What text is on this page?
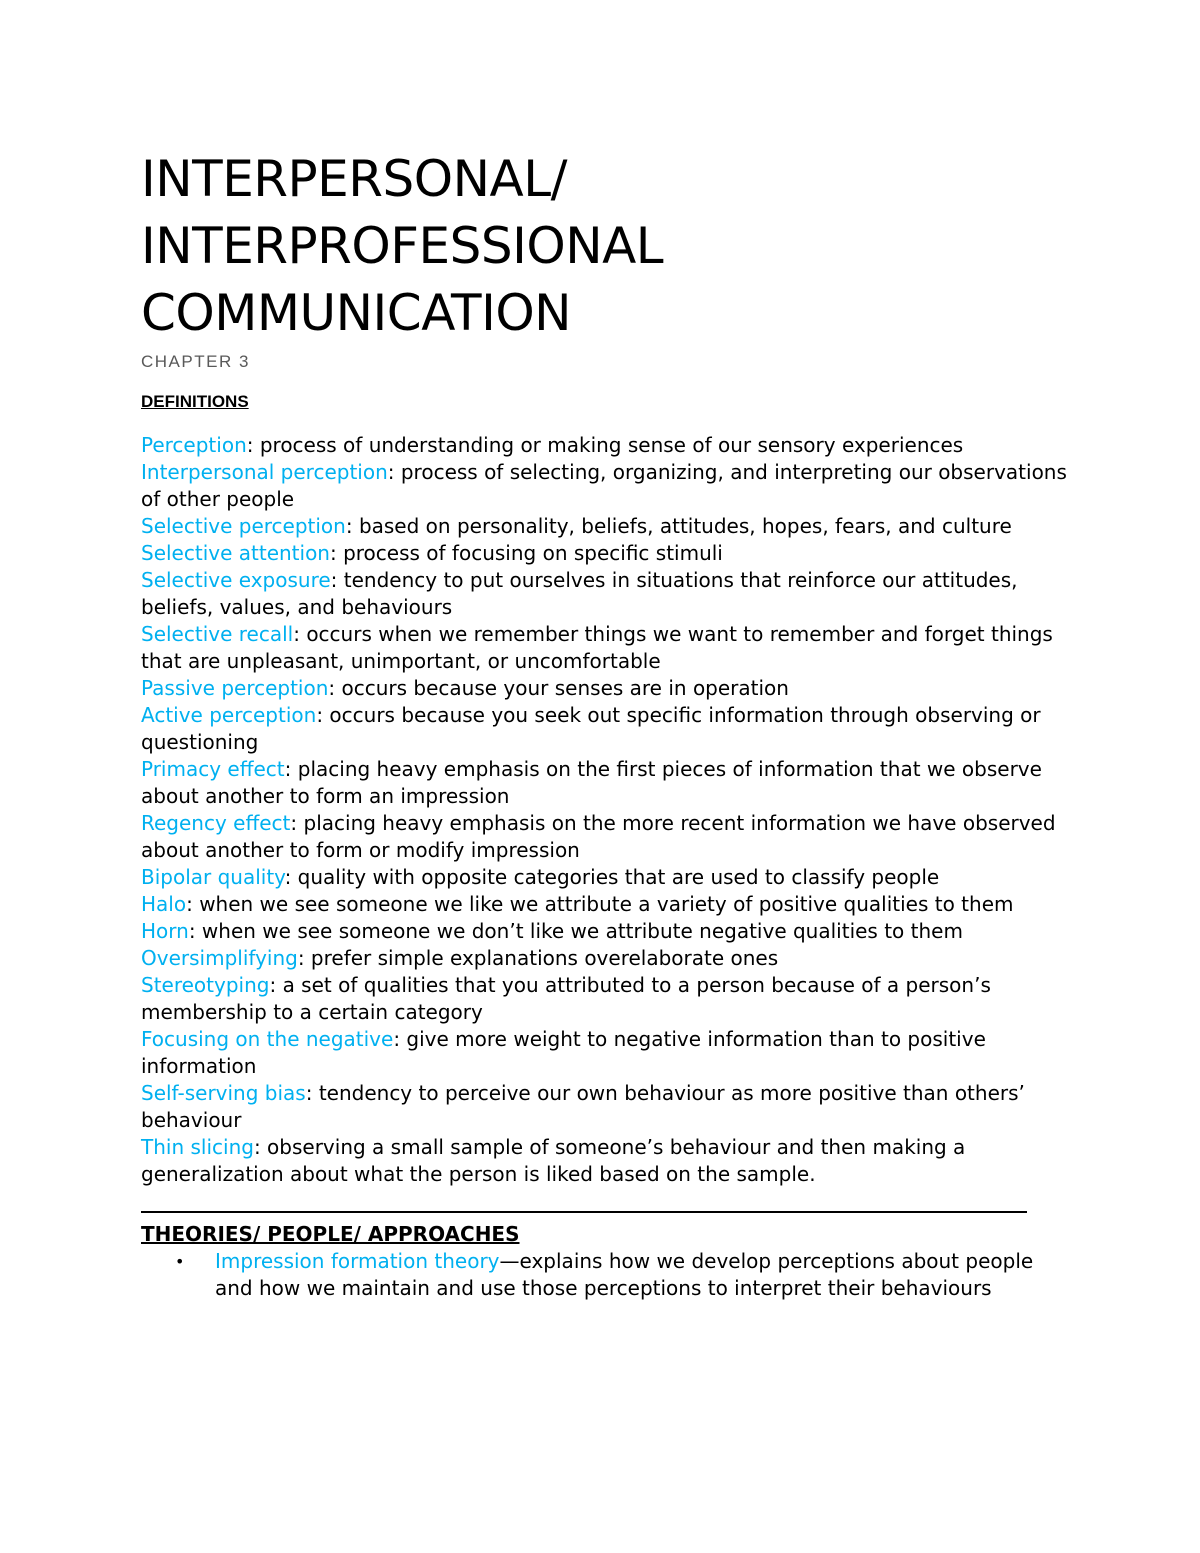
INTERPERSONAL/
INTERPROFESSIONAL
COMMUNICATION
CHAPTER 3
DEFINITIONS
Perception: process of understanding or making sense of our sensory experiences
Interpersonal perception: process of selecting, organizing, and interpreting our observations of other people
Selective perception: based on personality, beliefs, attitudes, hopes, fears, and culture
Selective attention: process of focusing on specific stimuli
Selective exposure: tendency to put ourselves in situations that reinforce our attitudes, beliefs, values, and behaviours
Selective recall: occurs when we remember things we want to remember and forget things that are unpleasant, unimportant, or uncomfortable
Passive perception: occurs because your senses are in operation
Active perception: occurs because you seek out specific information through observing or questioning
Primacy effect: placing heavy emphasis on the first pieces of information that we observe about another to form an impression
Regency effect: placing heavy emphasis on the more recent information we have observed about another to form or modify impression
Bipolar quality: quality with opposite categories that are used to classify people
Halo: when we see someone we like we attribute a variety of positive qualities to them
Horn: when we see someone we don’t like we attribute negative qualities to them
Oversimplifying: prefer simple explanations overelaborate ones
Stereotyping: a set of qualities that you attributed to a person because of a person’s membership to a certain category
Focusing on the negative: give more weight to negative information than to positive information
Self-serving bias: tendency to perceive our own behaviour as more positive than others’ behaviour
Thin slicing: observing a small sample of someone’s behaviour and then making a generalization about what the person is liked based on the sample.
THEORIES/ PEOPLE/ APPROACHES
• Impression formation theory—explains how we develop perceptions about people and how we maintain and use those perceptions to interpret their behaviours
